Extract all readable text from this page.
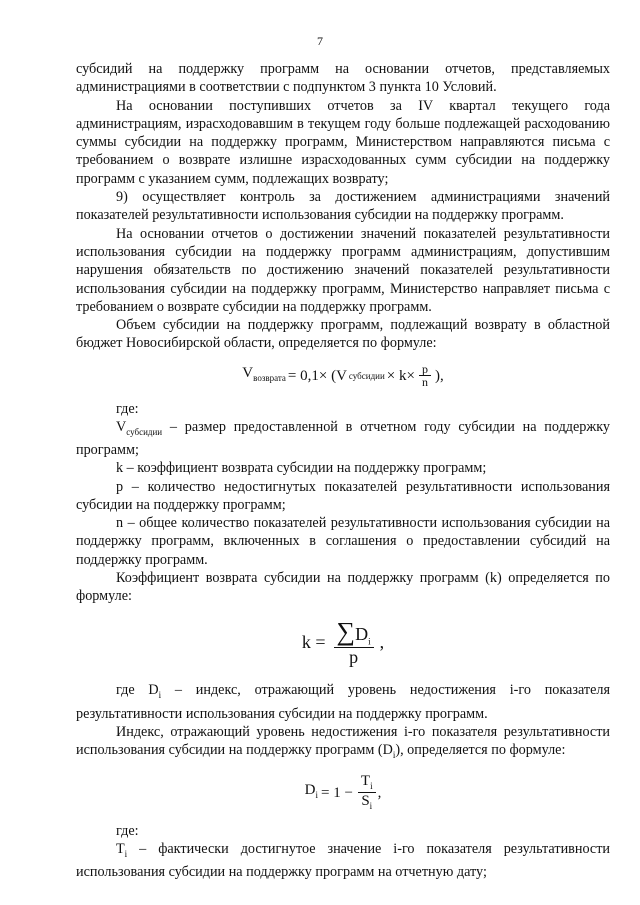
7

субсидий на поддержку программ на основании отчетов, представляемых администрациями в соответствии с подпунктом 3 пункта 10 Условий.

На основании поступивших отчетов за IV квартал текущего года администрациям, израсходовавшим в текущем году больше подлежащей расходованию суммы субсидии на поддержку программ, Министерством направляются письма с требованием о возврате излишне израсходованных сумм субсидии на поддержку программ с указанием сумм, подлежащих возврату;

9) осуществляет контроль за достижением администрациями значений показателей результативности использования субсидии на поддержку программ.

На основании отчетов о достижении значений показателей результативности использования субсидии на поддержку программ администрациям, допустившим нарушения обязательств по достижению значений показателей результативности использования субсидии на поддержку программ, Министерство направляет письма с требованием о возврате субсидии на поддержку программ.

Объем субсидии на поддержку программ, подлежащий возврату в областной бюджет Новосибирской области, определяется по формуле:

$V_{возврата} = 0,1\times (V$ субсидии × $k\times \frac{p}{n}$ ),

где:

$V_{субсидии}$ – размер предоставленной в отчетном году субсидии на поддержку программ;

k – коэффициент возврата субсидии на поддержку программ;

p – количество недостигнутых показателей результативности использования субсидии на поддержку программ;

n – общее количество показателей результативности использования субсидии на поддержку программ, включенных в соглашения о предоставлении субсидий на поддержку программ.

Коэффициент возврата субсидии на поддержку программ (k) определяется по формуле:

$k = \frac{\sum D_i}{p}$ ,

где $D_i$ – индекс, отражающий уровень недостижения i-го показателя результативности использования субсидии на поддержку программ.

Индекс, отражающий уровень недостижения i-го показателя результативности использования субсидии на поддержку программ $(D_i)$, определяется по формуле:

$D_i = 1 - \frac{T_i}{S_i}$ ,

где:

$T_i$ – фактически достигнутое значение i-го показателя результативности использования субсидии на поддержку программ на отчетную дату;
